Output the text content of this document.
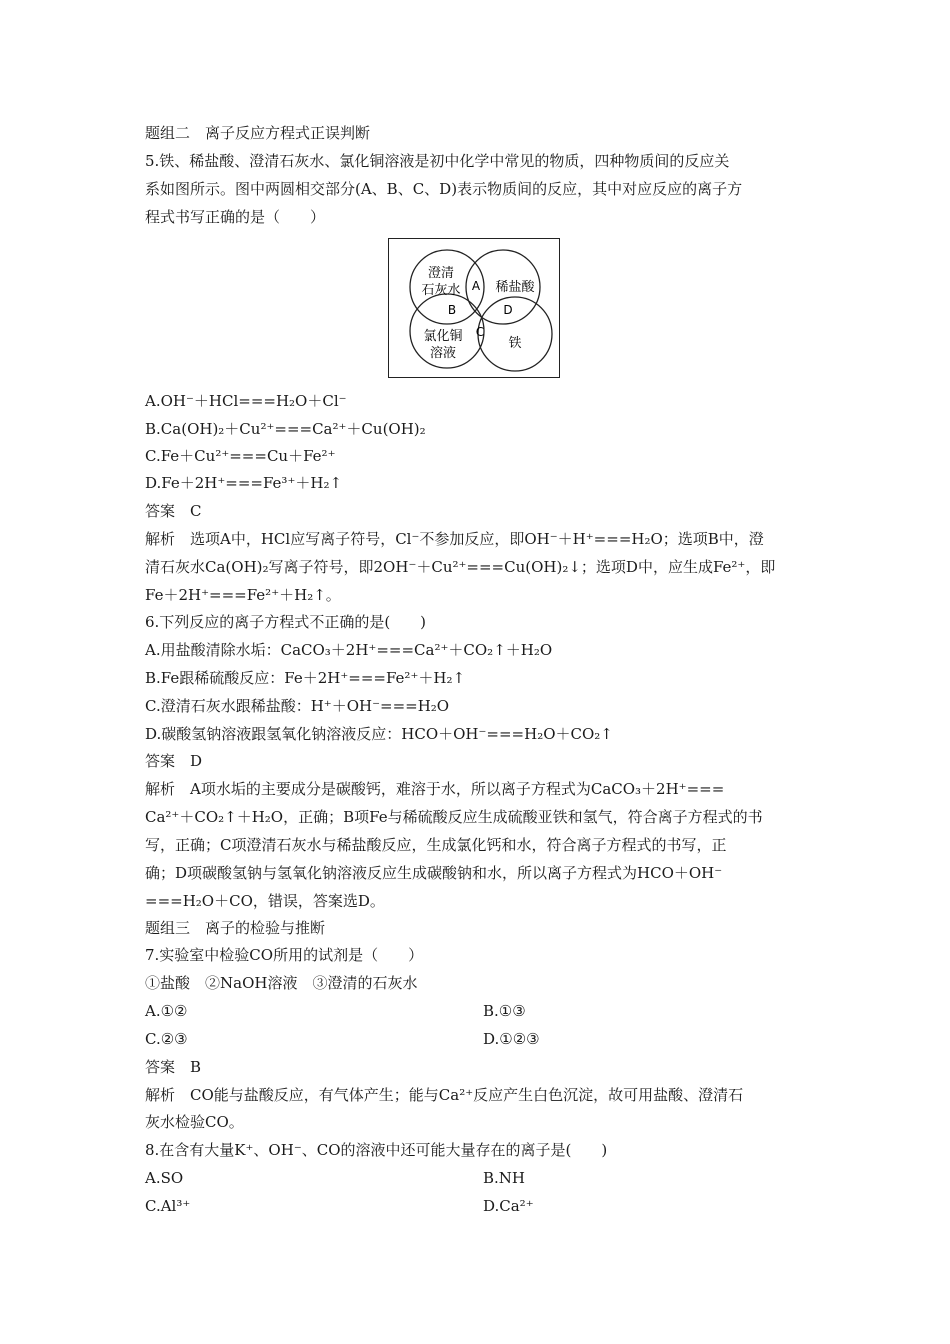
题组二　离子反应方程式正误判断
5.铁、稀盐酸、澄清石灰水、氯化铜溶液是初中化学中常见的物质，四种物质间的反应关
系如图所示。图中两圆相交部分(A、B、C、D)表示物质间的反应，其中对应反应的离子方
程式书写正确的是（　　）
澄清
石灰水	稀盐酸
氯化铜
溶液
铁
A
B
C
D
A.OH⁻＋HCl===H₂O＋Cl⁻
B.Ca(OH)₂＋Cu²⁺===Ca²⁺＋Cu(OH)₂
C.Fe＋Cu²⁺===Cu＋Fe²⁺
D.Fe＋2H⁺===Fe³⁺＋H₂↑
答案　C
解析　选项A中，HCl应写离子符号，Cl⁻不参加反应，即OH⁻＋H⁺===H₂O；选项B中，澄
清石灰水Ca(OH)₂写离子符号，即2OH⁻＋Cu²⁺===Cu(OH)₂↓；选项D中，应生成Fe²⁺，即
Fe＋2H⁺===Fe²⁺＋H₂↑。
6.下列反应的离子方程式不正确的是(　　)
A.用盐酸清除水垢：CaCO₃＋2H⁺===Ca²⁺＋CO₂↑＋H₂O
B.Fe跟稀硫酸反应：Fe＋2H⁺===Fe²⁺＋H₂↑
C.澄清石灰水跟稀盐酸：H⁺＋OH⁻===H₂O
D.碳酸氢钠溶液跟氢氧化钠溶液反应：HCO＋OH⁻===H₂O＋CO₂↑
答案　D
解析　A项水垢的主要成分是碳酸钙，难溶于水，所以离子方程式为CaCO₃＋2H⁺===
Ca²⁺＋CO₂↑＋H₂O，正确；B项Fe与稀硫酸反应生成硫酸亚铁和氢气，符合离子方程式的书
写，正确；C项澄清石灰水与稀盐酸反应，生成氯化钙和水，符合离子方程式的书写，正
确；D项碳酸氢钠与氢氧化钠溶液反应生成碳酸钠和水，所以离子方程式为HCO＋OH⁻
===H₂O＋CO，错误，答案选D。
题组三　离子的检验与推断
7.实验室中检验CO所用的试剂是（　　）
①盐酸　②NaOH溶液　③澄清的石灰水
A.①②	B.①③
C.②③	D.①②③
答案　B
解析　CO能与盐酸反应，有气体产生；能与Ca²⁺反应产生白色沉淀，故可用盐酸、澄清石
灰水检验CO。
8.在含有大量K⁺、OH⁻、CO的溶液中还可能大量存在的离子是(　　)
A.SO	B.NH
C.Al³⁺	D.Ca²⁺
